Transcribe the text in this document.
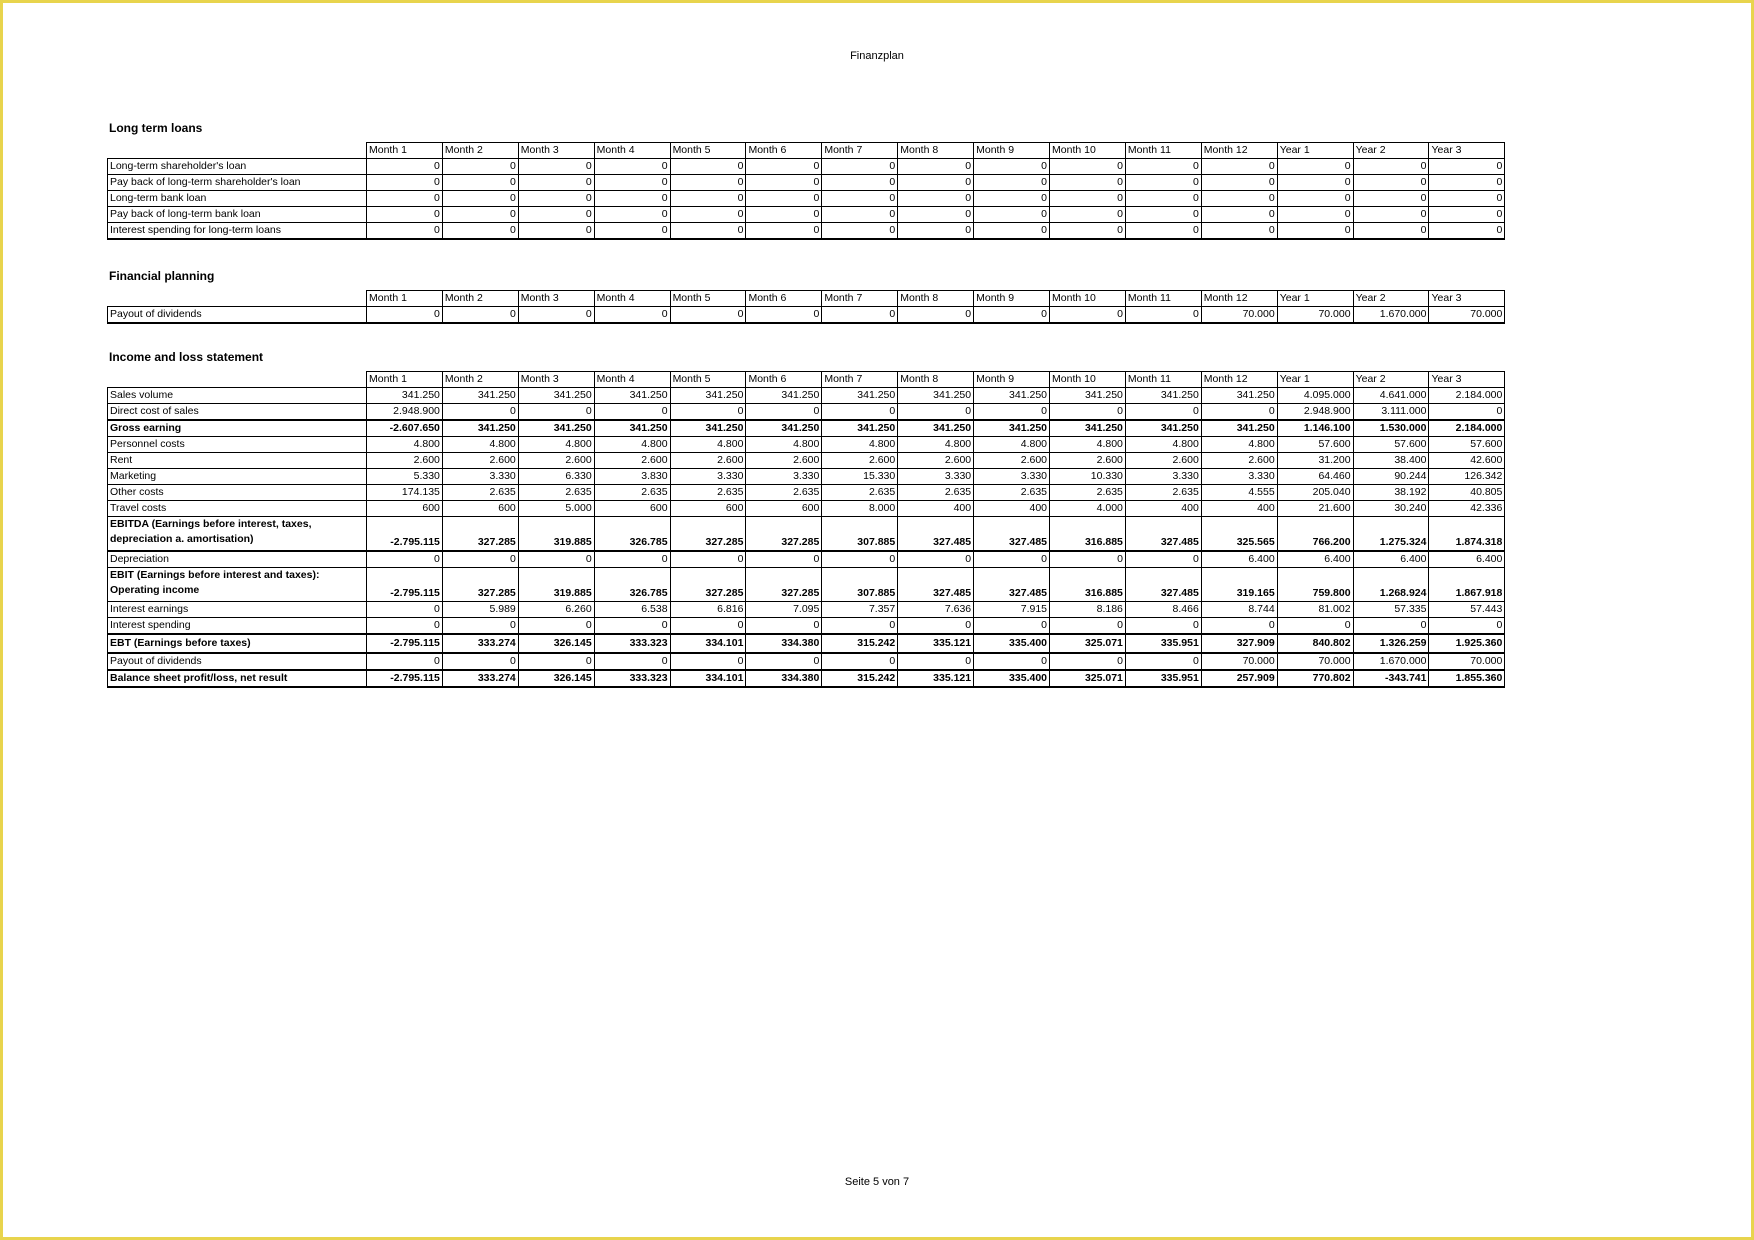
Finanzplan
Long term loans
	Month 1	Month 2	Month 3	Month 4	Month 5	Month 6	Month 7	Month 8	Month 9	Month 10	Month 11	Month 12	Year 1	Year 2	Year 3
Long-term shareholder's loan	0	0	0	0	0	0	0	0	0	0	0	0	0	0	0
Pay back of long-term shareholder's loan	0	0	0	0	0	0	0	0	0	0	0	0	0	0	0
Long-term bank loan	0	0	0	0	0	0	0	0	0	0	0	0	0	0	0
Pay back of long-term bank loan	0	0	0	0	0	0	0	0	0	0	0	0	0	0	0
Interest spending for long-term loans	0	0	0	0	0	0	0	0	0	0	0	0	0	0	0
Financial planning
	Month 1	Month 2	Month 3	Month 4	Month 5	Month 6	Month 7	Month 8	Month 9	Month 10	Month 11	Month 12	Year 1	Year 2	Year 3
Payout of dividends	0	0	0	0	0	0	0	0	0	0	0	70.000	70.000	1.670.000	70.000
Income and loss statement
	Month 1	Month 2	Month 3	Month 4	Month 5	Month 6	Month 7	Month 8	Month 9	Month 10	Month 11	Month 12	Year 1	Year 2	Year 3
Sales volume	341.250	341.250	341.250	341.250	341.250	341.250	341.250	341.250	341.250	341.250	341.250	341.250	4.095.000	4.641.000	2.184.000
Direct cost of sales	2.948.900	0	0	0	0	0	0	0	0	0	0	0	2.948.900	3.111.000	0
Gross earning	-2.607.650	341.250	341.250	341.250	341.250	341.250	341.250	341.250	341.250	341.250	341.250	341.250	1.146.100	1.530.000	2.184.000
Personnel costs	4.800	4.800	4.800	4.800	4.800	4.800	4.800	4.800	4.800	4.800	4.800	4.800	57.600	57.600	57.600
Rent	2.600	2.600	2.600	2.600	2.600	2.600	2.600	2.600	2.600	2.600	2.600	2.600	31.200	38.400	42.600
Marketing	5.330	3.330	6.330	3.830	3.330	3.330	15.330	3.330	3.330	10.330	3.330	3.330	64.460	90.244	126.342
Other costs	174.135	2.635	2.635	2.635	2.635	2.635	2.635	2.635	2.635	2.635	2.635	4.555	205.040	38.192	40.805
Travel costs	600	600	5.000	600	600	600	8.000	400	400	4.000	400	400	21.600	30.240	42.336
EBITDA (Earnings before interest, taxes, depreciation a. amortisation)	-2.795.115	327.285	319.885	326.785	327.285	327.285	307.885	327.485	327.485	316.885	327.485	325.565	766.200	1.275.324	1.874.318
Depreciation	0	0	0	0	0	0	0	0	0	0	0	6.400	6.400	6.400	6.400
EBIT (Earnings before interest and taxes): Operating income	-2.795.115	327.285	319.885	326.785	327.285	327.285	307.885	327.485	327.485	316.885	327.485	319.165	759.800	1.268.924	1.867.918
Interest earnings	0	5.989	6.260	6.538	6.816	7.095	7.357	7.636	7.915	8.186	8.466	8.744	81.002	57.335	57.443
Interest spending	0	0	0	0	0	0	0	0	0	0	0	0	0	0	0
EBT (Earnings before taxes)	-2.795.115	333.274	326.145	333.323	334.101	334.380	315.242	335.121	335.400	325.071	335.951	327.909	840.802	1.326.259	1.925.360
Payout of dividends	0	0	0	0	0	0	0	0	0	0	0	70.000	70.000	1.670.000	70.000
Balance sheet profit/loss, net result	-2.795.115	333.274	326.145	333.323	334.101	334.380	315.242	335.121	335.400	325.071	335.951	257.909	770.802	-343.741	1.855.360
Seite 5 von 7
